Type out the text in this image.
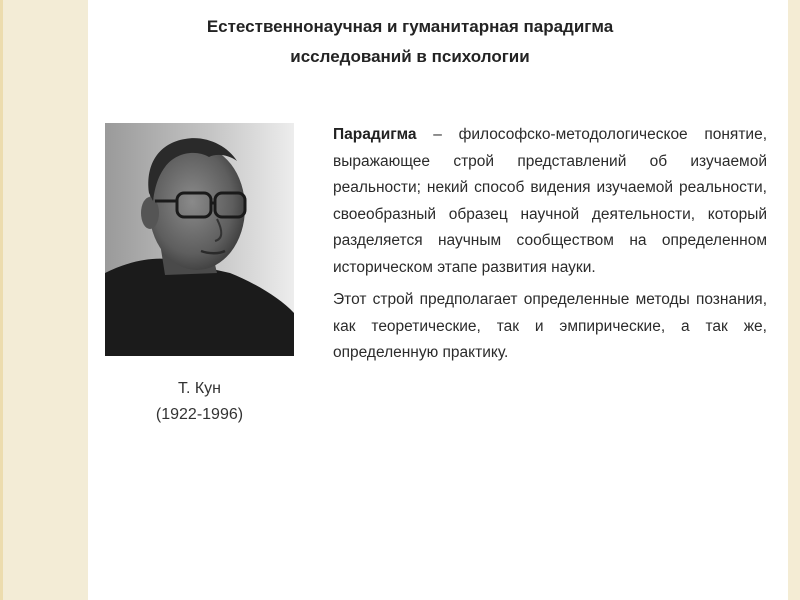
Естественнонаучная и гуманитарная парадигма
исследований в психологии
Т. Кун
(1922-1996)

Парадигма – философско-методологическое понятие, выражающее строй представлений об изучаемой реальности; некий способ видения изучаемой реальности, своеобразный образец научной деятельности, который разделяется научным сообществом на определенном историческом этапе развития науки.

Этот строй предполагает определенные методы познания, как теоретические, так и эмпирические, а так же, определенную практику.
